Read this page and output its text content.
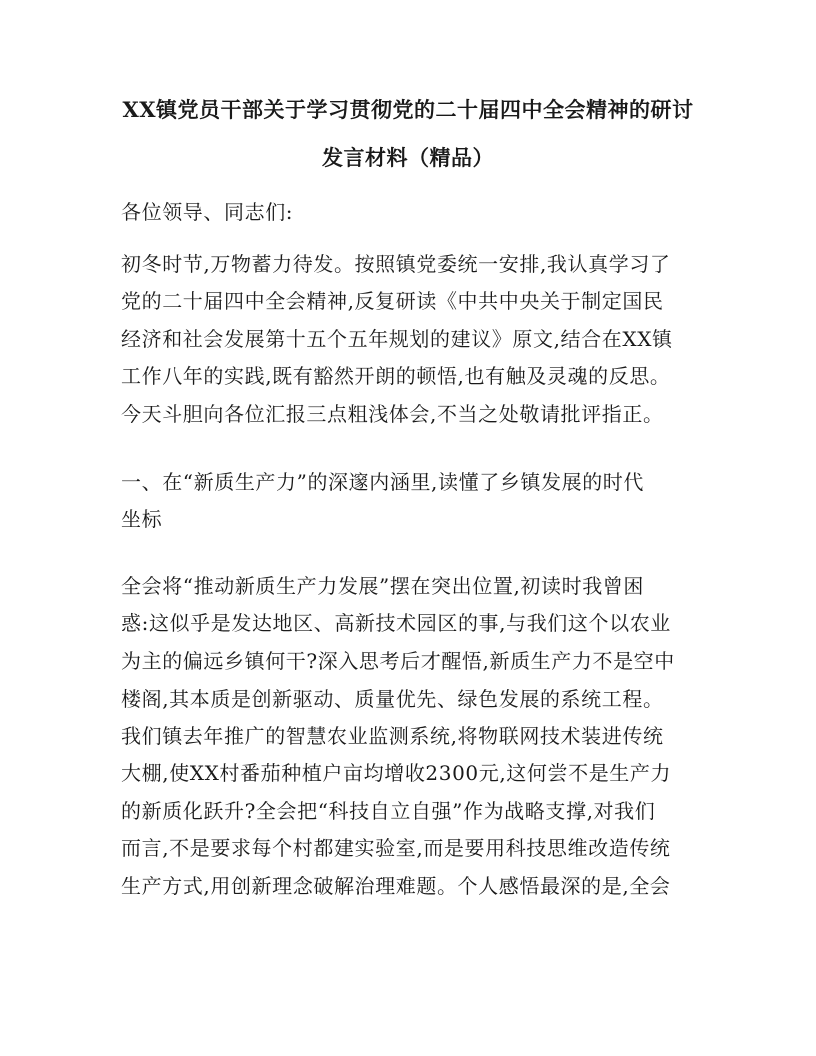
XX镇党员干部关于学习贯彻党的二十届四中全会精神的研讨
发言材料（精品）
各位领导、同志们:
初冬时节,万物蓄力待发。按照镇党委统一安排,我认真学习了
党的二十届四中全会精神,反复研读《中共中央关于制定国民
经济和社会发展第十五个五年规划的建议》原文,结合在XX镇
工作八年的实践,既有豁然开朗的顿悟,也有触及灵魂的反思。
今天斗胆向各位汇报三点粗浅体会,不当之处敬请批评指正。
一、在“新质生产力”的深邃内涵里,读懂了乡镇发展的时代
坐标
全会将“推动新质生产力发展”摆在突出位置,初读时我曾困
惑:这似乎是发达地区、高新技术园区的事,与我们这个以农业
为主的偏远乡镇何干?深入思考后才醒悟,新质生产力不是空中
楼阁,其本质是创新驱动、质量优先、绿色发展的系统工程。
我们镇去年推广的智慧农业监测系统,将物联网技术装进传统
大棚,使XX村番茄种植户亩均增收2300元,这何尝不是生产力
的新质化跃升?全会把“科技自立自强”作为战略支撑,对我们
而言,不是要求每个村都建实验室,而是要用科技思维改造传统
生产方式,用创新理念破解治理难题。个人感悟最深的是,全会
